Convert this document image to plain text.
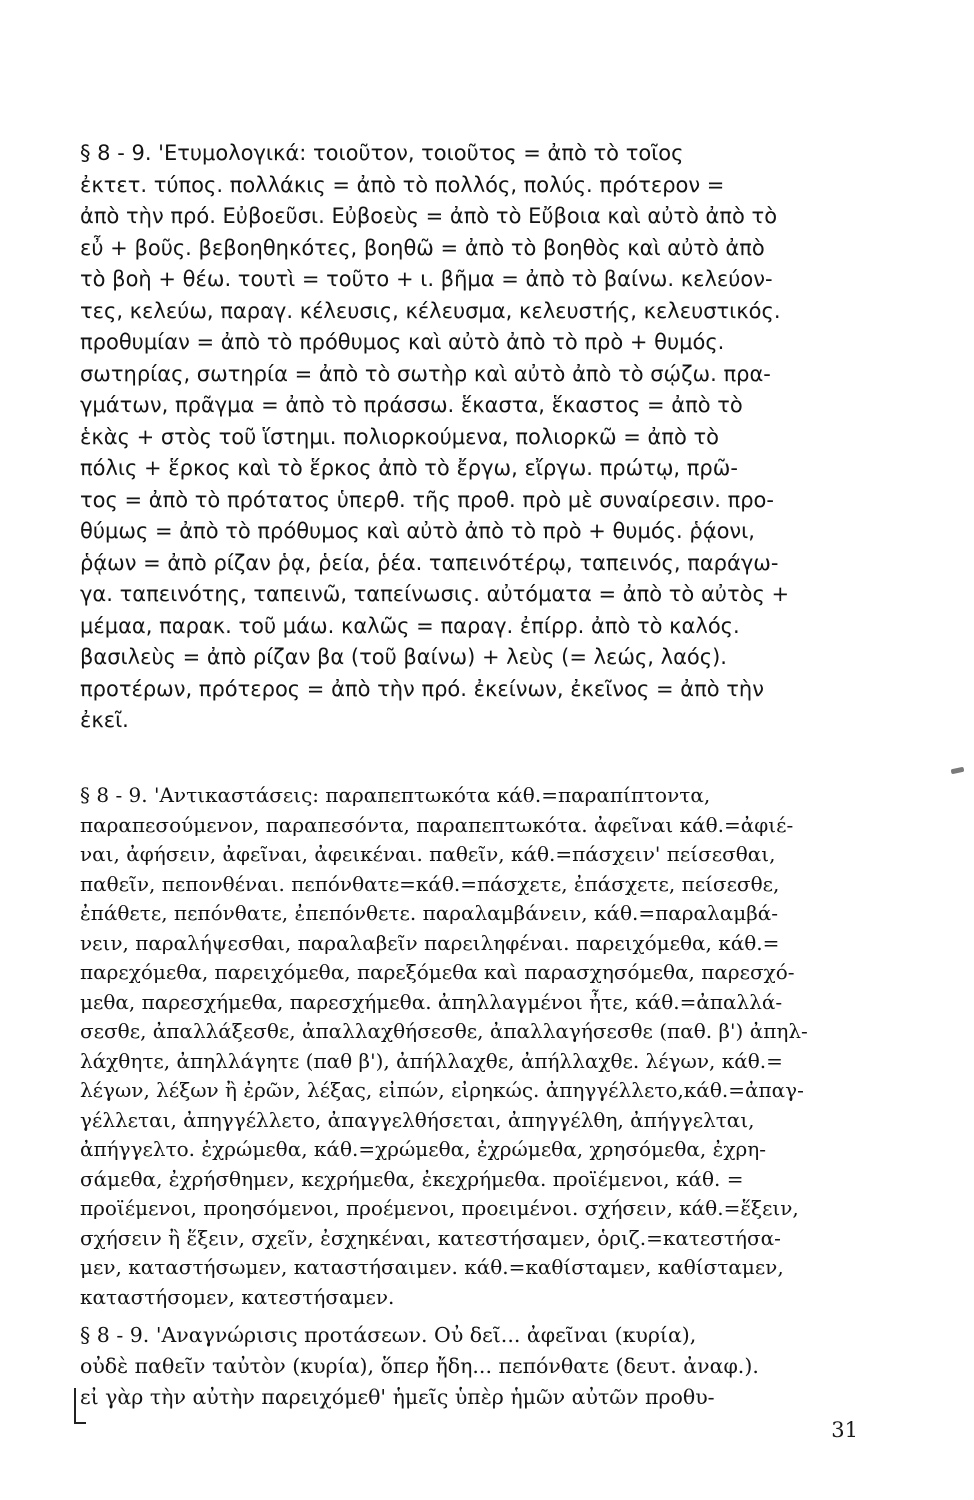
§ 8 - 9. 'Ετυμολογικά: τοιοῦτον, τοιοῦτος = ἀπὸ τὸ τοῖος
ἐκτετ. τύπος. πολλάκις = ἀπὸ τὸ πολλός, πολύς. πρότερον =
ἀπὸ τὴν πρό. Εὐβοεῦσι. Εὐβοεὺς = ἀπὸ τὸ Εὔβοια καὶ αὐτὸ ἀπὸ τὸ
εὖ + βοῦς. βεβοηθηκότες, βοηθῶ = ἀπὸ τὸ βοηθὸς καὶ αὐτὸ ἀπὸ
τὸ βοὴ + θέω. τουτὶ = τοῦτο + ι. βῆμα = ἀπὸ τὸ βαίνω. κελεύον-
τες, κελεύω, παραγ. κέλευσις, κέλευσμα, κελευστής, κελευστικός.
προθυμίαν = ἀπὸ τὸ πρόθυμος καὶ αὐτὸ ἀπὸ τὸ πρὸ + θυμός.
σωτηρίας, σωτηρία = ἀπὸ τὸ σωτὴρ καὶ αὐτὸ ἀπὸ τὸ σῴζω. πρα-
γμάτων, πρᾶγμα = ἀπὸ τὸ πράσσω. ἕκαστα, ἕκαστος = ἀπὸ τὸ
ἑκὰς + στὸς τοῦ ἵστημι. πολιορκούμενα, πολιορκῶ = ἀπὸ τὸ
πόλις + ἕρκος καὶ τὸ ἕρκος ἀπὸ τὸ ἔργω, εἴργω. πρώτῳ, πρῶ-
τος = ἀπὸ τὸ πρότατος ὑπερθ. τῆς προθ. πρὸ μὲ συναίρεσιν. προ-
θύμως = ἀπὸ τὸ πρόθυμος καὶ αὐτὸ ἀπὸ τὸ πρὸ + θυμός. ῥᾴονι,
ῥᾴων = ἀπὸ ρίζαν ῥᾳ, ῥεία, ῥέα. ταπεινότέρῳ, ταπεινός, παράγω-
γα. ταπεινότης, ταπεινῶ, ταπείνωσις. αὐτόματα = ἀπὸ τὸ αὐτὸς +
μέμαα, παρακ. τοῦ μάω. καλῶς = παραγ. ἐπίρρ. ἀπὸ τὸ καλός.
βασιλεὺς = ἀπὸ ρίζαν βα (τοῦ βαίνω) + λεὺς (= λεώς, λαός).
προτέρων, πρότερος = ἀπὸ τὴν πρό. ἐκείνων, ἐκεῖνος = ἀπὸ τὴν
ἐκεῖ.
§ 8 - 9. 'Αντικαστάσεις: παραπεπτωκότα κάθ.=παραπίπτοντα,
παραπεσούμενον, παραπεσόντα, παραπεπτωκότα. ἀφεῖναι κάθ.=ἀφιέ-
ναι, ἀφήσειν, ἀφεῖναι, ἀφεικέναι. παθεῖν, κάθ.=πάσχειν' πείσεσθαι,
παθεῖν, πεπονθέναι. πεπόνθατε=κάθ.=πάσχετε, ἐπάσχετε, πείσεσθε,
ἐπάθετε, πεπόνθατε, ἐπεπόνθετε. παραλαμβάνειν, κάθ.=παραλαμβά-
νειν, παραλήψεσθαι, παραλαβεῖν παρειληφέναι. παρειχόμεθα, κάθ.=
παρεχόμεθα, παρειχόμεθα, παρεξόμεθα καὶ παρασχησόμεθα, παρεσχό-
μεθα, παρεσχήμεθα, παρεσχήμεθα. ἀπηλλαγμένοι ἦτε, κάθ.=ἀπαλλά-
σεσθε, ἀπαλλάξεσθε, ἀπαλλαχθήσεσθε, ἀπαλλαγήσεσθε (παθ. β') ἀπηλ-
λάχθητε, ἀπηλλάγητε (παθ β'), ἀπήλλαχθε, ἀπήλλαχθε. λέγων, κάθ.=
λέγων, λέξων ἢ ἐρῶν, λέξας, εἰπών, εἰρηκώς. ἀπηγγέλλετο,κάθ.=ἀπαγ-
γέλλεται, ἀπηγγέλλετο, ἀπαγγελθήσεται, ἀπηγγέλθη, ἀπήγγελται,
ἀπήγγελτο. ἐχρώμεθα, κάθ.=χρώμεθα, ἐχρώμεθα, χρησόμεθα, ἐχρη-
σάμεθα, ἐχρήσθημεν, κεχρήμεθα, ἐκεχρήμεθα. προϊέμενοι, κάθ. =
προϊέμενοι, προησόμενοι, προέμενοι, προειμένοι. σχήσειν, κάθ.=ἕξειν,
σχήσειν ἢ ἕξειν, σχεῖν, ἐσχηκέναι, κατεστήσαμεν, ὁριζ.=κατεστήσα-
μεν, καταστήσωμεν, καταστήσαιμεν. κάθ.=καθίσταμεν, καθίσταμεν,
καταστήσομεν, κατεστήσαμεν.
§ 8 - 9. 'Αναγνώρισις προτάσεων. Οὐ δεῖ... ἀφεῖναι (κυρία),
οὐδὲ παθεῖν ταὐτὸν (κυρία), ὅπερ ἤδη... πεπόνθατε (δευτ. ἀναφ.).
εἰ γὰρ τὴν αὐτὴν παρειχόμεθ' ἡμεῖς ὑπὲρ ἡμῶν αὐτῶν προθυ-
31
